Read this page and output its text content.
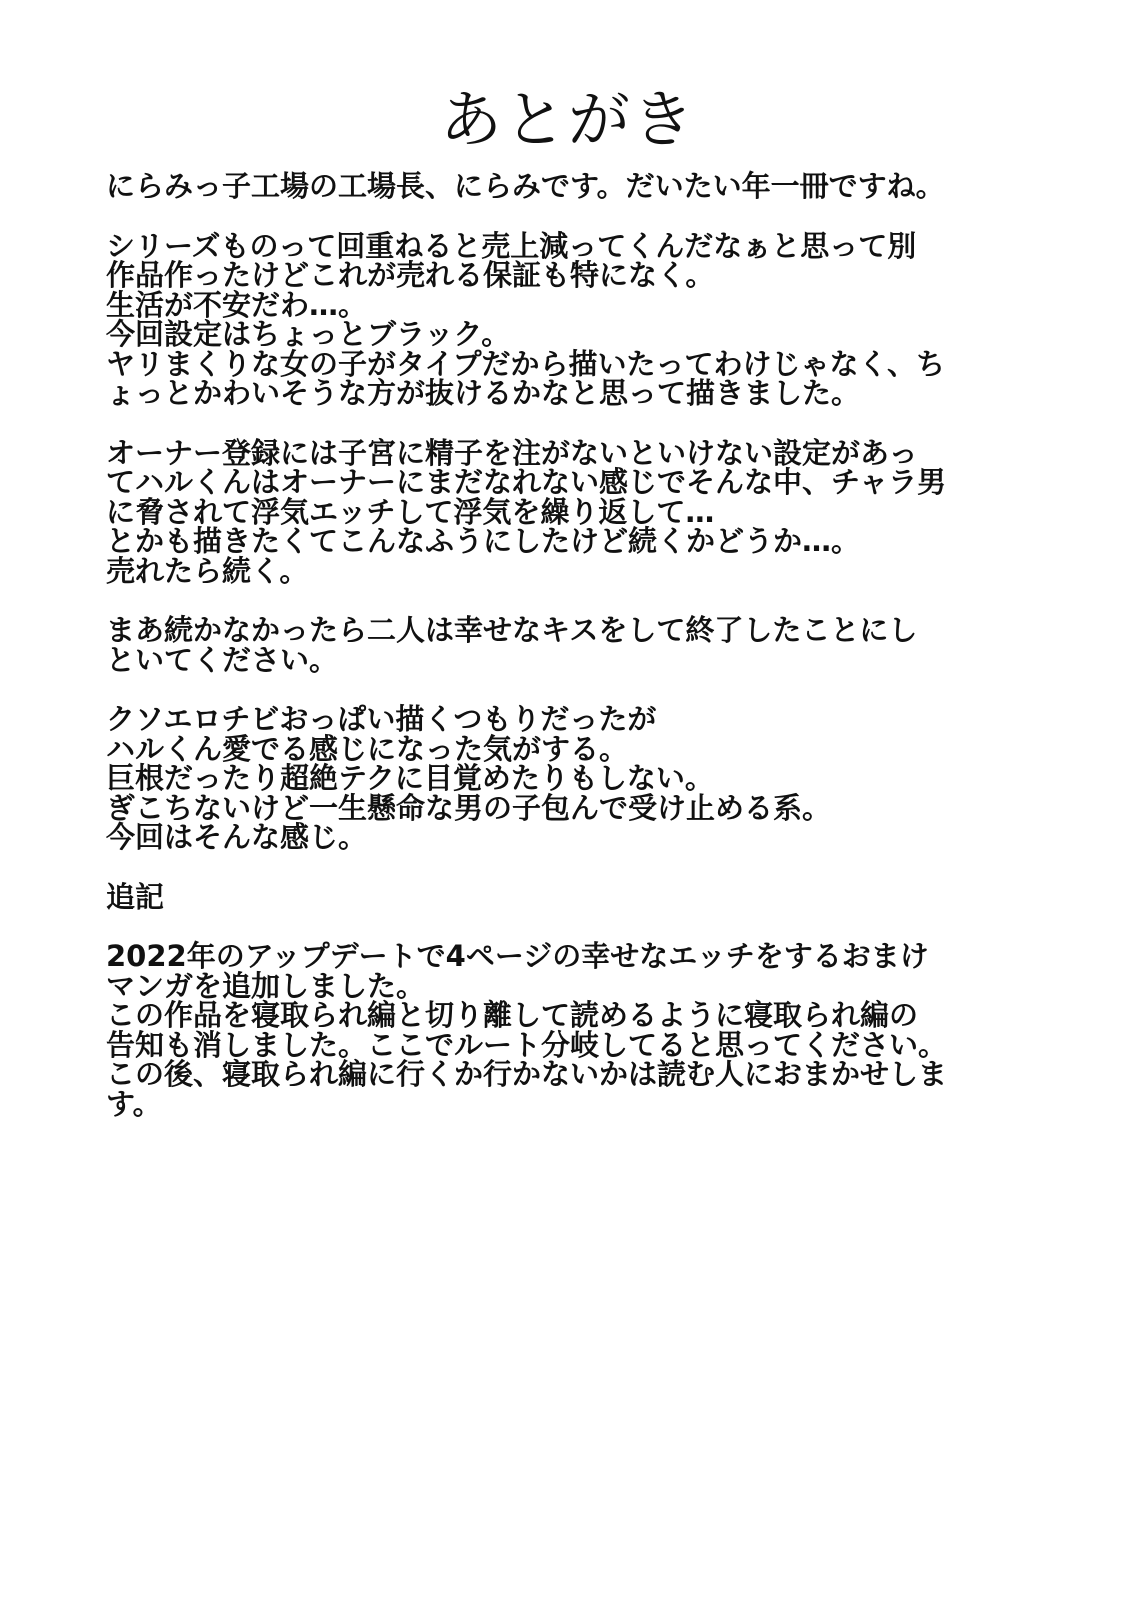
あとがき
にらみっ子工場の工場長、にらみです。だいたい年一冊ですね。
シリーズものって回重ねると売上減ってくんだなぁと思って別
作品作ったけどこれが売れる保証も特になく。
生活が不安だわ…。
今回設定はちょっとブラック。
ヤリまくりな女の子がタイプだから描いたってわけじゃなく、ち
ょっとかわいそうな方が抜けるかなと思って描きました。
オーナー登録には子宮に精子を注がないといけない設定があっ
てハルくんはオーナーにまだなれない感じでそんな中、チャラ男
に脅されて浮気エッチして浮気を繰り返して…
とかも描きたくてこんなふうにしたけど続くかどうか…。
売れたら続く。
まあ続かなかったら二人は幸せなキスをして終了したことにし
といてください。
クソエロチビおっぱい描くつもりだったが
ハルくん愛でる感じになった気がする。
巨根だったり超絶テクに目覚めたりもしない。
ぎこちないけど一生懸命な男の子包んで受け止める系。
今回はそんな感じ。
追記
2022年のアップデートで4ページの幸せなエッチをするおまけ
マンガを追加しました。
この作品を寝取られ編と切り離して読めるように寝取られ編の
告知も消しました。ここでルート分岐してると思ってください。
この後、寝取られ編に行くか行かないかは読む人におまかせしま
す。
